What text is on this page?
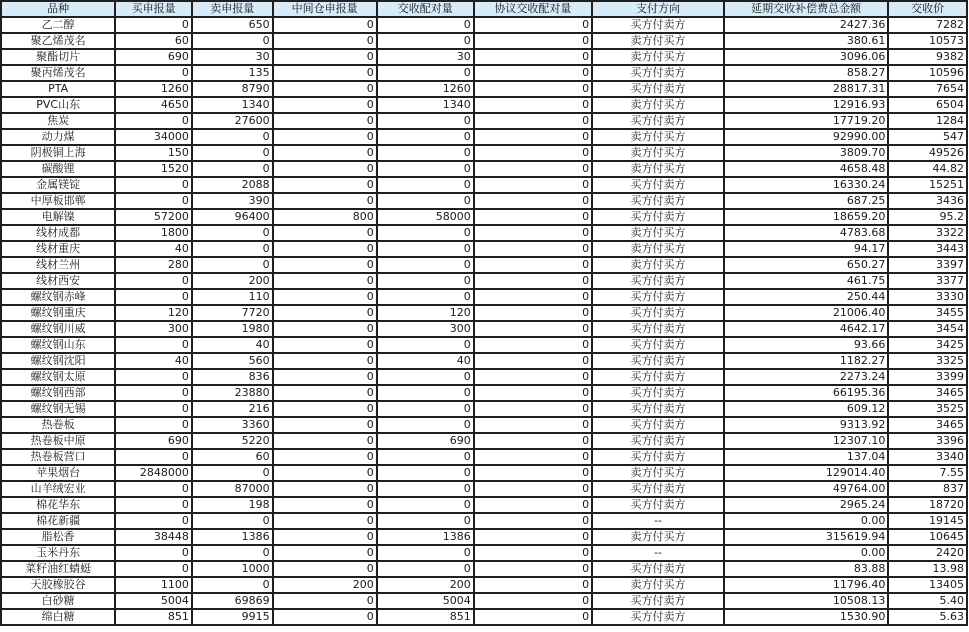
品种	买申报量	卖申报量	中间仓申报量	交收配对量	协议交收配对量	支付方向	延期交收补偿费总金额	交收价
乙二醇	0	650	0	0	0	买方付卖方	2427.36	7282
聚乙烯茂名	60	0	0	0	0	卖方付买方	380.61	10573
聚酯切片	690	30	0	30	0	卖方付买方	3096.06	9382
聚丙烯茂名	0	135	0	0	0	买方付卖方	858.27	10596
PTA	1260	8790	0	1260	0	买方付卖方	28817.31	7654
PVC山东	4650	1340	0	1340	0	卖方付买方	12916.93	6504
焦炭	0	27600	0	0	0	买方付卖方	17719.20	1284
动力煤	34000	0	0	0	0	卖方付买方	92990.00	547
阴极铜上海	150	0	0	0	0	卖方付买方	3809.70	49526
碳酸锂	1520	0	0	0	0	卖方付买方	4658.48	44.82
金属镁锭	0	2088	0	0	0	买方付卖方	16330.24	15251
中厚板邯郸	0	390	0	0	0	买方付卖方	687.25	3436
电解镍	57200	96400	800	58000	0	买方付卖方	18659.20	95.2
线材成都	1800	0	0	0	0	卖方付买方	4783.68	3322
线材重庆	40	0	0	0	0	卖方付买方	94.17	3443
线材兰州	280	0	0	0	0	卖方付买方	650.27	3397
线材西安	0	200	0	0	0	买方付卖方	461.75	3377
螺纹钢赤峰	0	110	0	0	0	买方付卖方	250.44	3330
螺纹钢重庆	120	7720	0	120	0	买方付卖方	21006.40	3455
螺纹钢川威	300	1980	0	300	0	买方付卖方	4642.17	3454
螺纹钢山东	0	40	0	0	0	买方付卖方	93.66	3425
螺纹钢沈阳	40	560	0	40	0	买方付卖方	1182.27	3325
螺纹钢太原	0	836	0	0	0	买方付卖方	2273.24	3399
螺纹钢西部	0	23880	0	0	0	买方付卖方	66195.36	3465
螺纹钢无锡	0	216	0	0	0	买方付卖方	609.12	3525
热卷板	0	3360	0	0	0	买方付卖方	9313.92	3465
热卷板中原	690	5220	0	690	0	买方付卖方	12307.10	3396
热卷板营口	0	60	0	0	0	买方付卖方	137.04	3340
苹果烟台	2848000	0	0	0	0	卖方付买方	129014.40	7.55
山羊绒宏业	0	87000	0	0	0	买方付卖方	49764.00	837
棉花华东	0	198	0	0	0	买方付卖方	2965.24	18720
棉花新疆	0	0	0	0	0	--	0.00	19145
脂松香	38448	1386	0	1386	0	卖方付买方	315619.94	10645
玉米丹东	0	0	0	0	0	--	0.00	2420
菜籽油红蜻蜓	0	1000	0	0	0	买方付卖方	83.88	13.98
天胶橡胶谷	1100	0	200	200	0	卖方付买方	11796.40	13405
白砂糖	5004	69869	0	5004	0	买方付卖方	10508.13	5.40
绵白糖	851	9915	0	851	0	买方付卖方	1530.90	5.63
